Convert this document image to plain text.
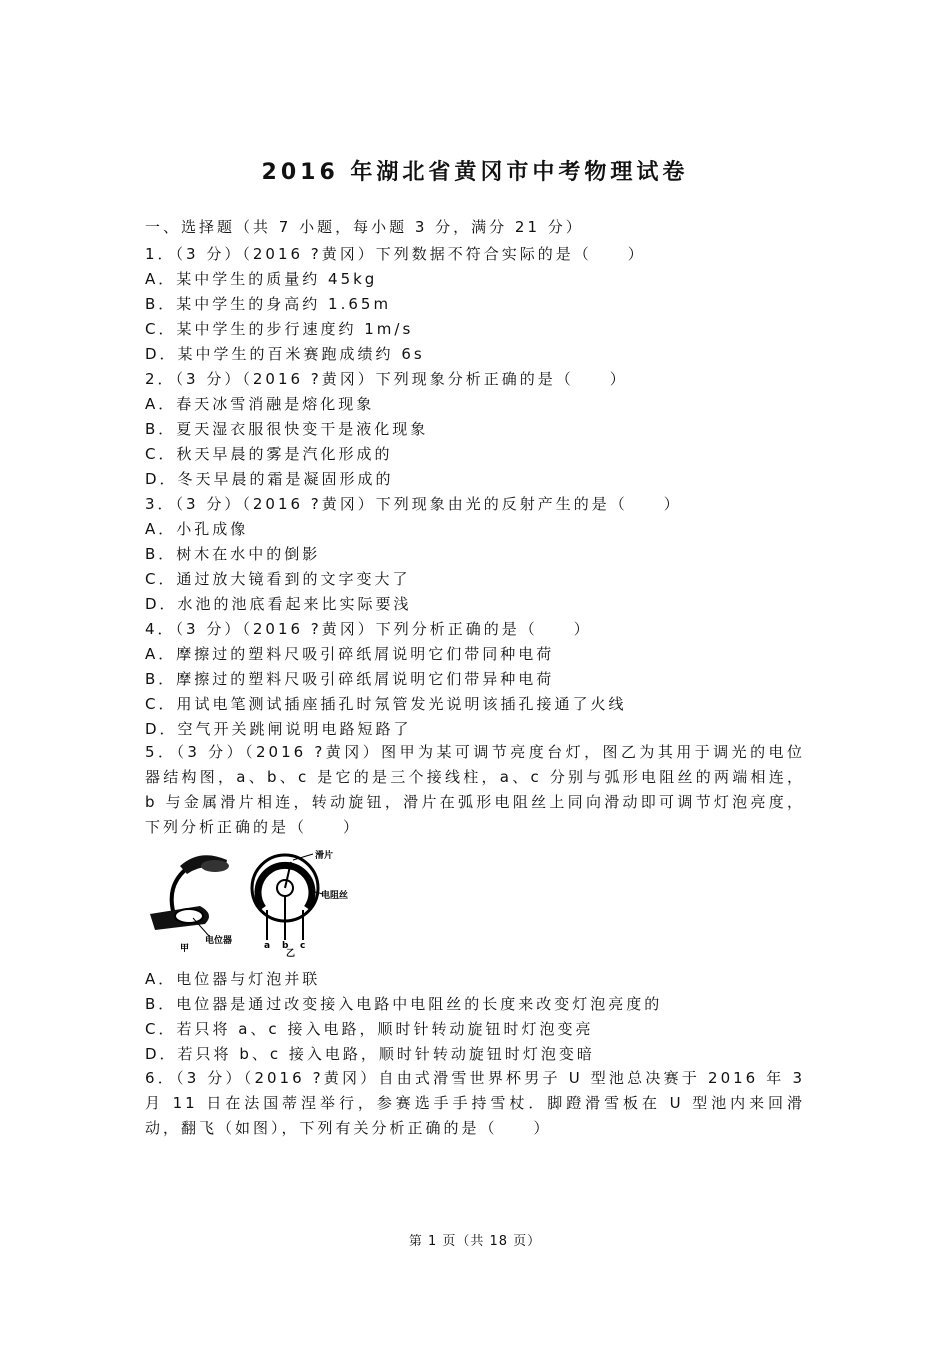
2016 年湖北省黄冈市中考物理试卷
一、选择题（共 7 小题，每小题 3 分，满分 21 分）
1．（3 分）（2016 ?黄冈）下列数据不符合实际的是（　　）
A．某中学生的质量约 45kg
B．某中学生的身高约 1.65m
C．某中学生的步行速度约 1m/s
D．某中学生的百米赛跑成绩约 6s
2．（3 分）（2016 ?黄冈）下列现象分析正确的是（　　）
A．春天冰雪消融是熔化现象
B．夏天湿衣服很快变干是液化现象
C．秋天早晨的雾是汽化形成的
D．冬天早晨的霜是凝固形成的
3．（3 分）（2016 ?黄冈）下列现象由光的反射产生的是（　　）
A．小孔成像
B．树木在水中的倒影
C．通过放大镜看到的文字变大了
D．水池的池底看起来比实际要浅
4．（3 分）（2016 ?黄冈）下列分析正确的是（　　）
A．摩擦过的塑料尺吸引碎纸屑说明它们带同种电荷
B．摩擦过的塑料尺吸引碎纸屑说明它们带异种电荷
C．用试电笔测试插座插孔时氖管发光说明该插孔接通了火线
D．空气开关跳闸说明电路短路了
5．（3 分）（2016 ?黄冈）图甲为某可调节亮度台灯，图乙为其用于调光的电位器结构图，a、b、c 是它的是三个接线柱，a、c 分别与弧形电阻丝的两端相连，b 与金属滑片相连，转动旋钮，滑片在弧形电阻丝上同向滑动即可调节灯泡亮度，下列分析正确的是（　　）
甲
电位器
滑片
电阻丝
a b c
乙
A．电位器与灯泡并联
B．电位器是通过改变接入电路中电阻丝的长度来改变灯泡亮度的
C．若只将 a、c 接入电路，顺时针转动旋钮时灯泡变亮
D．若只将 b、c 接入电路，顺时针转动旋钮时灯泡变暗
6．（3 分）（2016 ?黄冈）自由式滑雪世界杯男子 U 型池总决赛于 2016 年 3 月 11 日在法国蒂涅举行，参赛选手手持雪杖．脚蹬滑雪板在 U 型池内来回滑动，翻飞（如图），下列有关分析正确的是（　　）
第 1 页（共 18 页）
